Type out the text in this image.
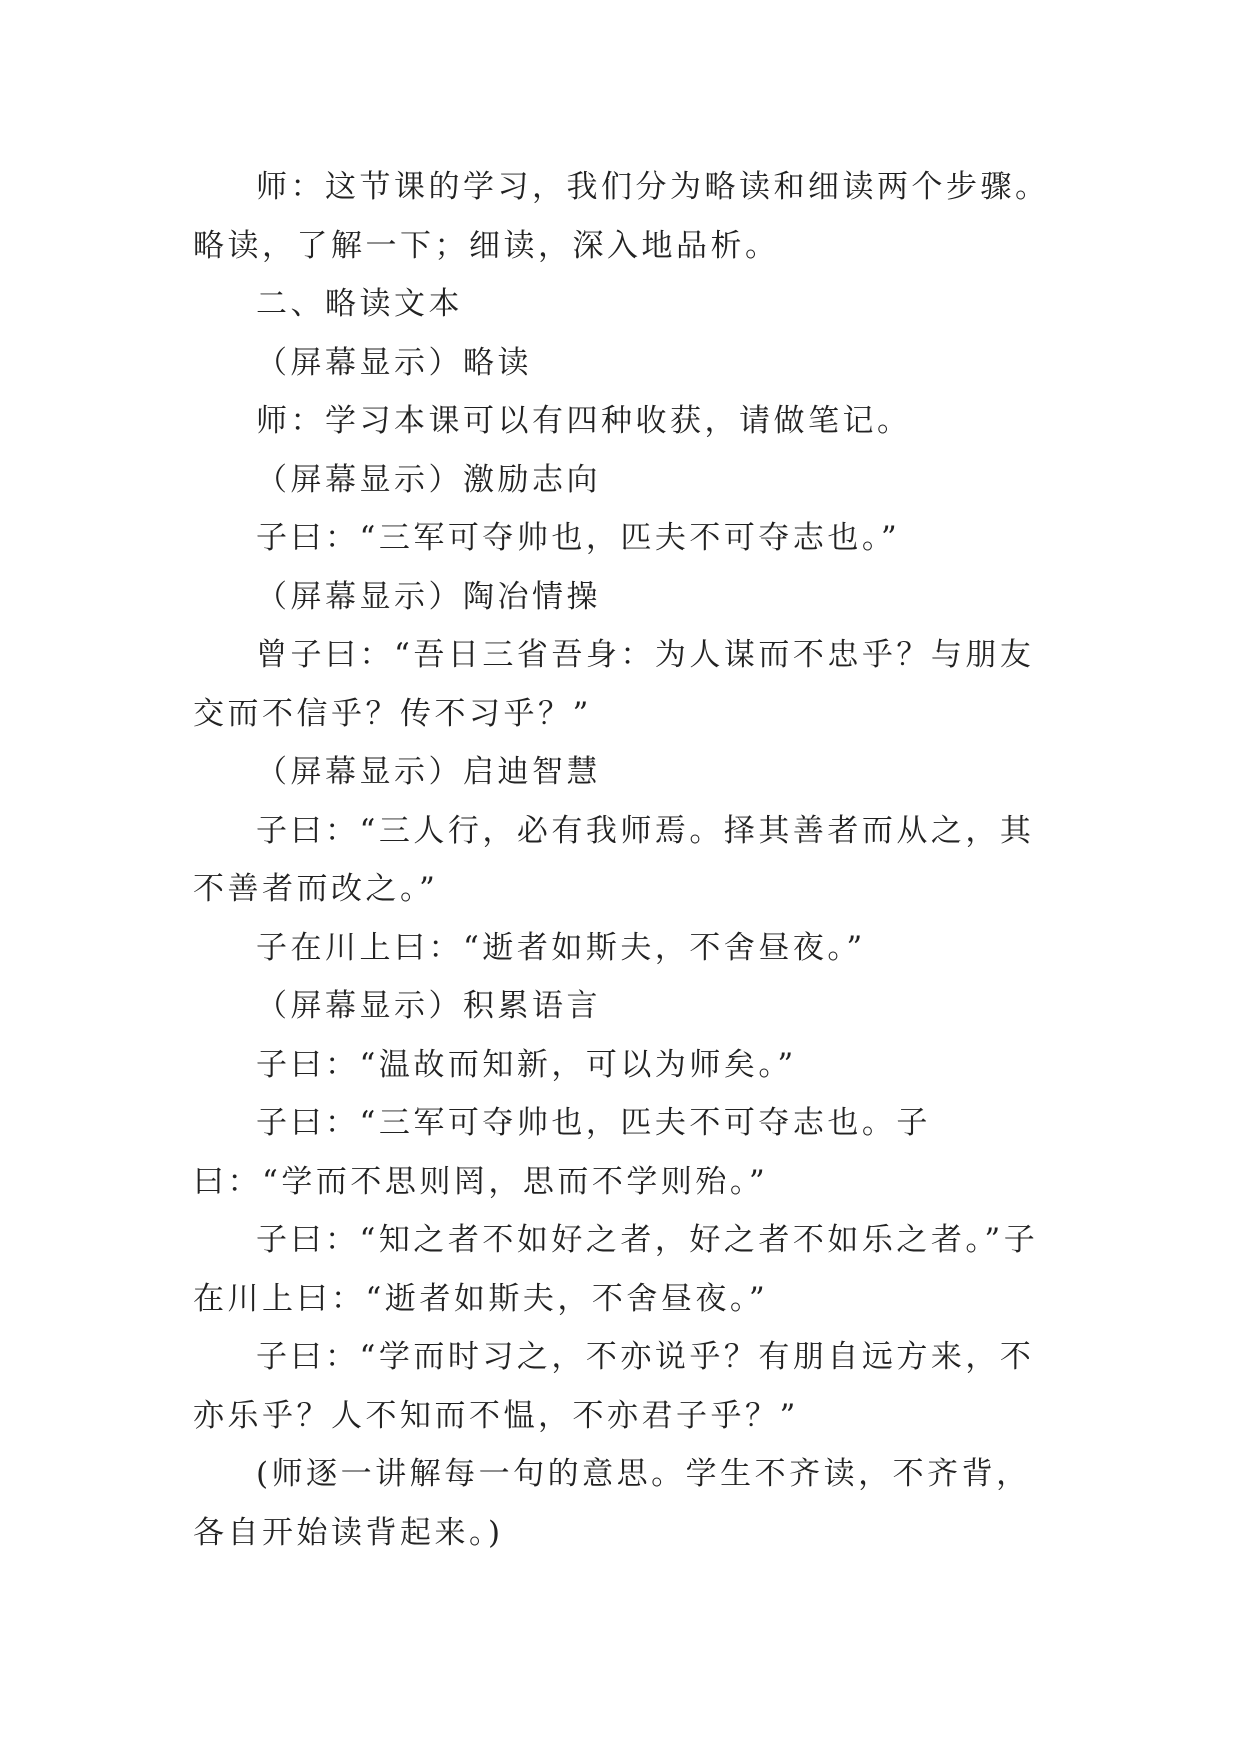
师：这节课的学习，我们分为略读和细读两个步骤。略读，了解一下；细读，深入地品析。

二、略读文本

（屏幕显示）略读

师：学习本课可以有四种收获，请做笔记。

（屏幕显示）激励志向

子曰：“三军可夺帅也，匹夫不可夺志也。”

（屏幕显示）陶冶情操

曾子曰：“吾日三省吾身：为人谋而不忠乎？与朋友交而不信乎？传不习乎？”

（屏幕显示）启迪智慧

子曰：“三人行，必有我师焉。择其善者而从之，其不善者而改之。”

子在川上曰：“逝者如斯夫，不舍昼夜。”

（屏幕显示）积累语言

子曰：“温故而知新，可以为师矣。”

子曰：“三军可夺帅也，匹夫不可夺志也。子曰：“学而不思则罔，思而不学则殆。”

子曰：“知之者不如好之者，好之者不如乐之者。”子在川上曰：“逝者如斯夫，不舍昼夜。”

子曰：“学而时习之，不亦说乎？有朋自远方来，不亦乐乎？人不知而不愠，不亦君子乎？”

(师逐一讲解每一句的意思。学生不齐读，不齐背，各自开始读背起来。)
